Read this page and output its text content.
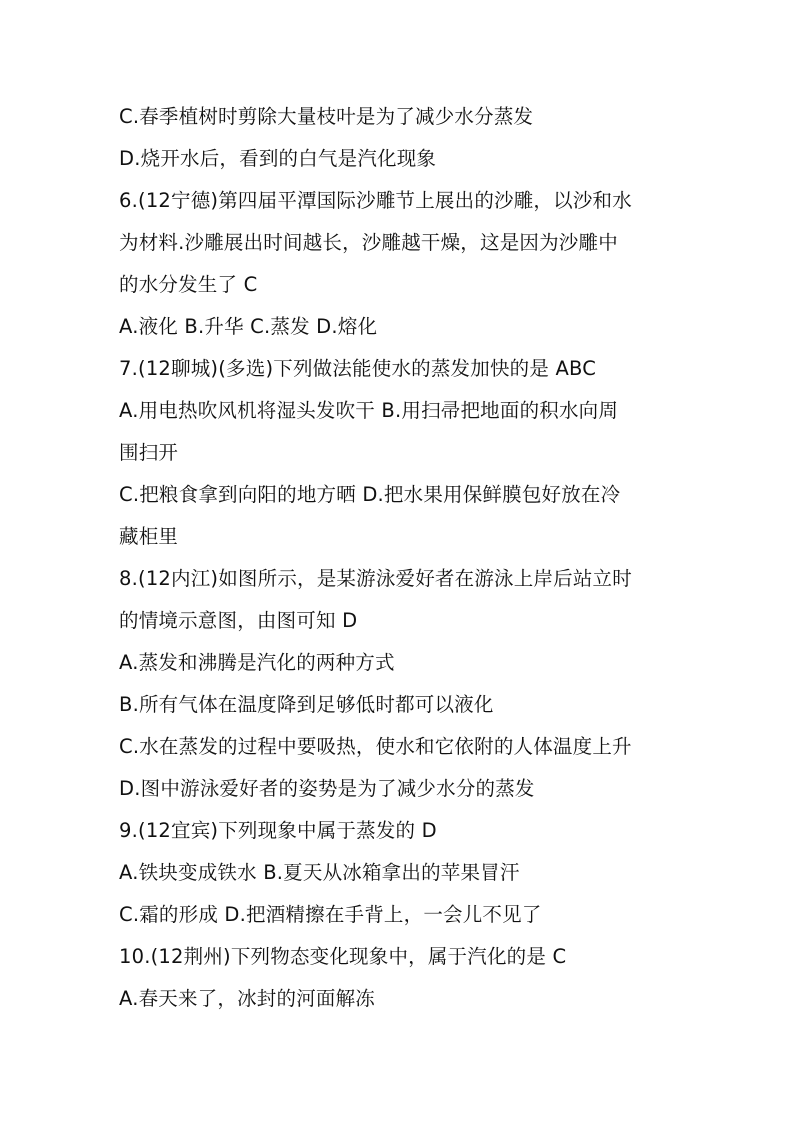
C.春季植树时剪除大量枝叶是为了减少水分蒸发
D.烧开水后，看到的白气是汽化现象
6.(12宁德)第四届平潭国际沙雕节上展出的沙雕，以沙和水
为材料.沙雕展出时间越长，沙雕越干燥，这是因为沙雕中
的水分发生了 C
A.液化 B.升华 C.蒸发 D.熔化
7.(12聊城)(多选)下列做法能使水的蒸发加快的是 ABC
A.用电热吹风机将湿头发吹干 B.用扫帚把地面的积水向周
围扫开
C.把粮食拿到向阳的地方晒 D.把水果用保鲜膜包好放在冷
藏柜里
8.(12内江)如图所示，是某游泳爱好者在游泳上岸后站立时
的情境示意图，由图可知 D
A.蒸发和沸腾是汽化的两种方式
B.所有气体在温度降到足够低时都可以液化
C.水在蒸发的过程中要吸热，使水和它依附的人体温度上升
D.图中游泳爱好者的姿势是为了减少水分的蒸发
9.(12宜宾)下列现象中属于蒸发的 D
A.铁块变成铁水 B.夏天从冰箱拿出的苹果冒汗
C.霜的形成 D.把酒精擦在手背上，一会儿不见了
10.(12荆州)下列物态变化现象中，属于汽化的是 C
A.春天来了，冰封的河面解冻
